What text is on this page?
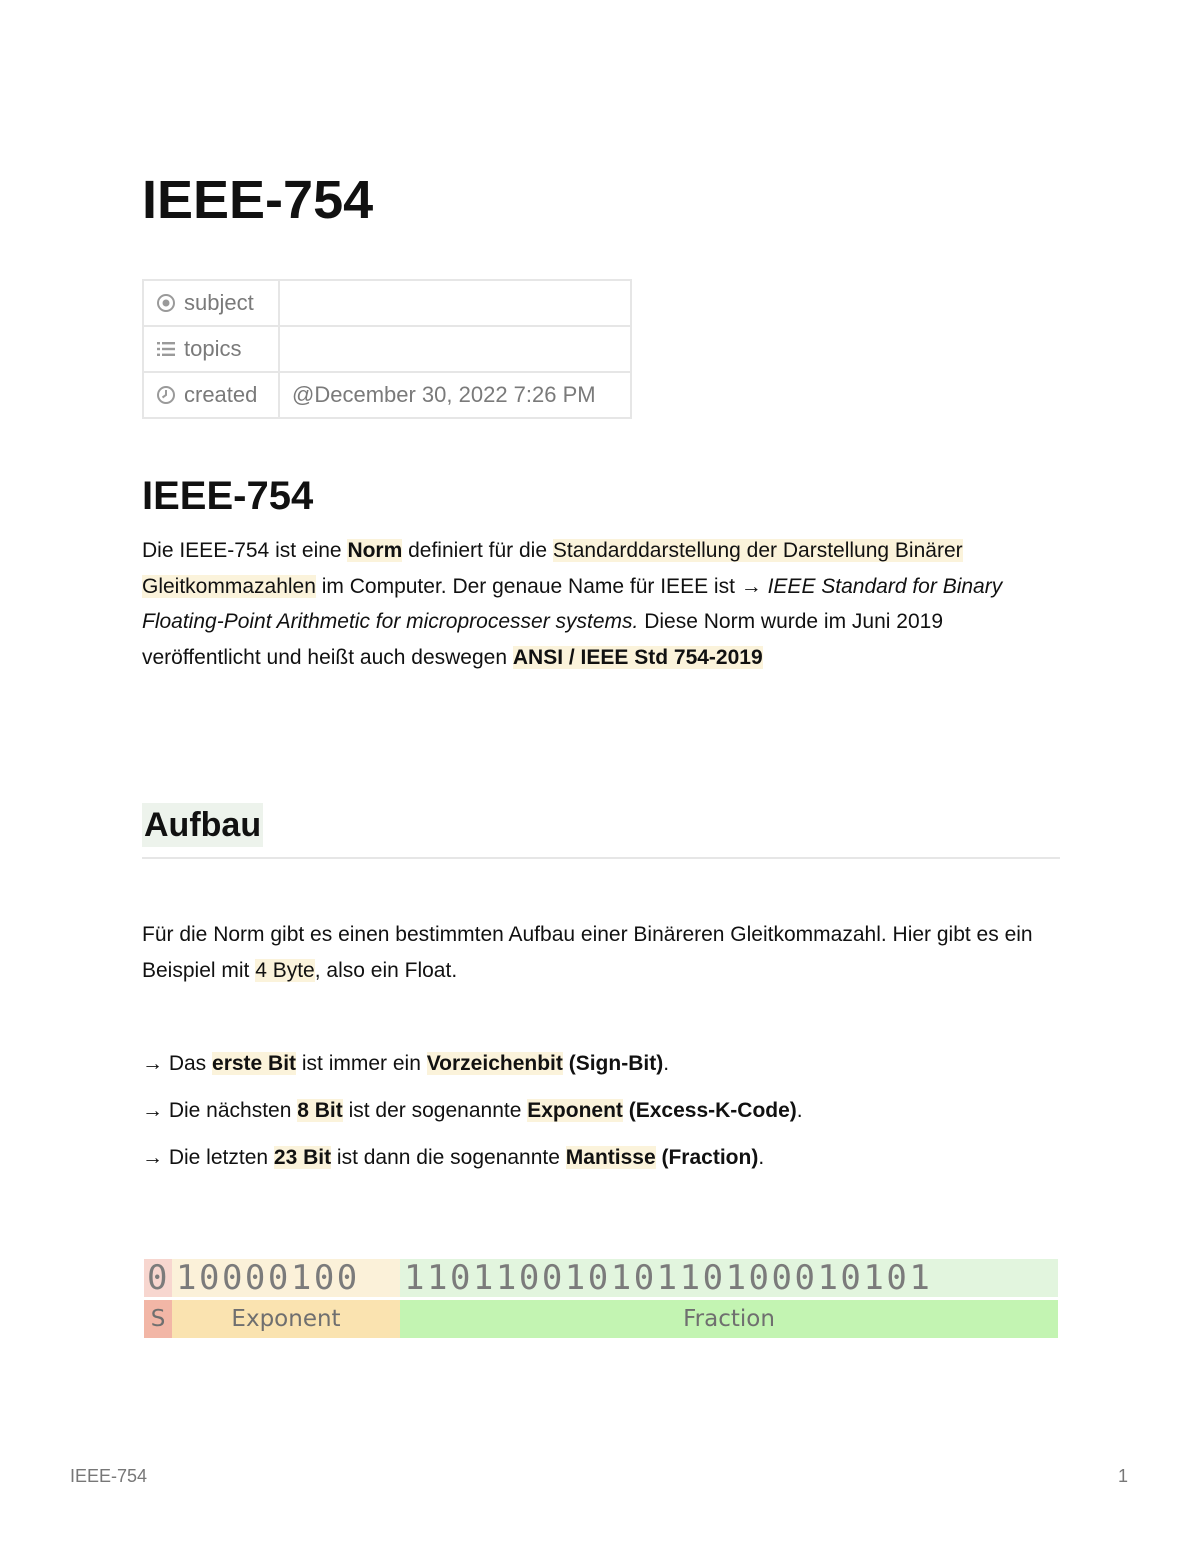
IEEE-754
subject	
topics	
created	@December 30, 2022 7:26 PM
IEEE-754

Die IEEE-754 ist eine Norm definiert für die Standarddarstellung der Darstellung Binärer Gleitkommazahlen im Computer. Der genaue Name für IEEE ist → IEEE Standard for Binary Floating-Point Arithmetic for microprocesser systems. Diese Norm wurde im Juni 2019 veröffentlicht und heißt auch deswegen ANSI / IEEE Std 754-2019

Aufbau

Für die Norm gibt es einen bestimmten Aufbau einer Binäreren Gleitkommazahl. Hier gibt es ein Beispiel mit 4 Byte, also ein Float.

→ Das erste Bit ist immer ein Vorzeichenbit (Sign-Bit).
→ Die nächsten 8 Bit ist der sogenannte Exponent (Excess-K-Code).
→ Die letzten 23 Bit ist dann die sogenannte Mantisse (Fraction).
0 10000100	11011001010110100010101
S	Exponent	Fraction
IEEE-754	1
